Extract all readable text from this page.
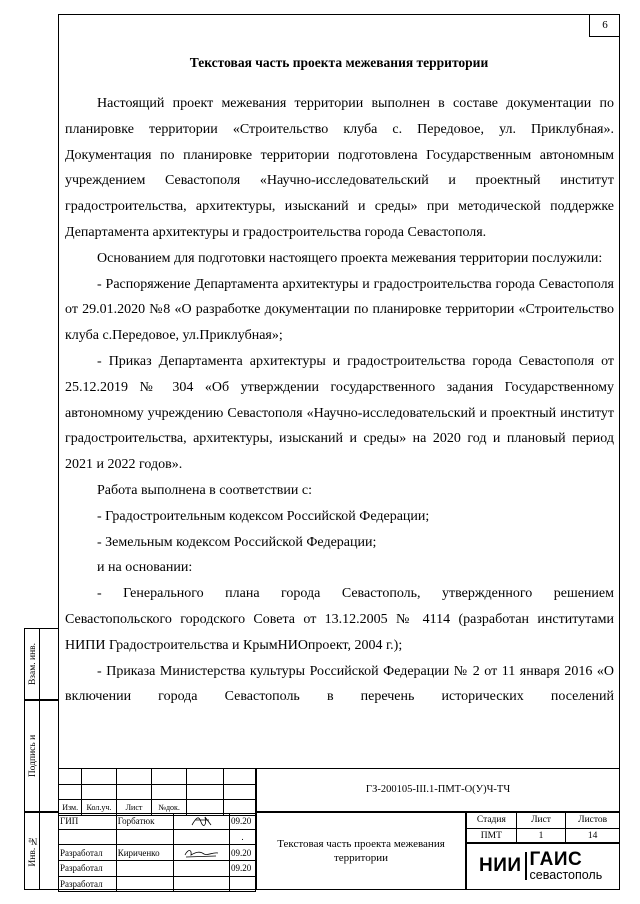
6
Текстовая часть проекта межевания территории

Настоящий проект межевания территории выполнен в составе документации по планировке территории «Строительство клуба с. Передовое, ул. Приклубная». Документация по планировке территории подготовлена Государственным автономным учреждением Севастополя «Научно-исследовательский и проектный институт градостроительства, архитектуры, изысканий и среды» при методической поддержке Департамента архитектуры и градостроительства города Севастополя.

Основанием для подготовки настоящего проекта межевания территории послужили:

- Распоряжение Департамента архитектуры и градостроительства города Севастополя от 29.01.2020 №8 «О разработке документации по планировке территории «Строительство клуба с.Передовое, ул.Приклубная»;

- Приказ Департамента архитектуры и градостроительства города Севастополя от 25.12.2019 № 304 «Об утверждении государственного задания Государственному автономному учреждению Севастополя «Научно-исследовательский и проектный институт градостроительства, архитектуры, изысканий и среды» на 2020 год и плановый период 2021 и 2022 годов».

Работа выполнена в соответствии с:

- Градостроительным кодексом Российской Федерации;

- Земельным кодексом Российской Федерации;

и на основании:

- Генерального плана города Севастополь, утвержденного решением Севастопольского городского Совета от 13.12.2005 № 4114 (разработан институтами НИПИ Градостроительства и КрымНИОпроект, 2004 г.);

- Приказа Министерства культуры Российской Федерации № 2 от 11 января 2016 «О включении города Севастополь в перечень исторических поселений

Взам. инв.
Подпись и
Инв. №

Изм.	Кол.уч.	Лист	№док.		
ГИП	Горбатюк		09.20
			.
Разработал	Кириченко		09.20
Разработал			09.20
Разработал			
ГЗ-200105-III.1-ПМТ-О(У)Ч-ТЧ
Текстовая часть проекта межевания территории
Стадия	Лист	Листов
ПМТ	1	14
НИИ ГАИС
севастополь
